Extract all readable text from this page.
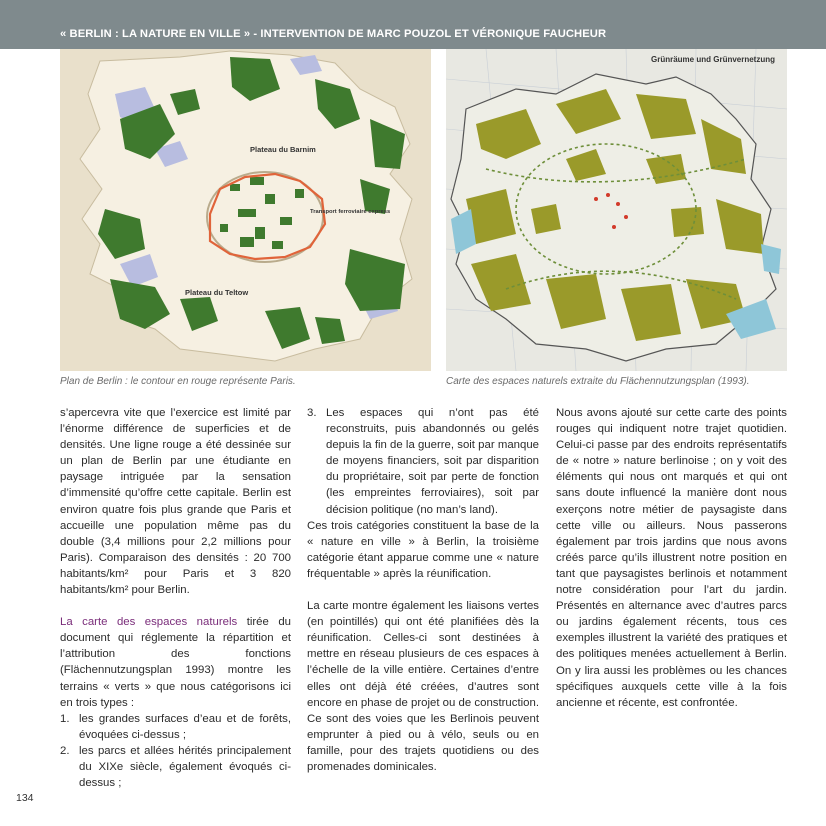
« BERLIN : LA NATURE EN VILLE » - INTERVENTION DE MARC POUZOL ET VÉRONIQUE FAUCHEUR
Plateau du Barnim
Transport ferroviaire express
Plateau du Teltow
Plan de Berlin : le contour en rouge représente Paris.
Grünräume und Grünvernetzung
Carte des espaces naturels extraite du Flächennutzungsplan (1993).

s’apercevra vite que l’exercice est limité par l’énorme différence de superficies et de densités. Une ligne rouge a été dessinée sur un plan de Berlin par une étudiante en paysage intriguée par la sensation d’immensité qu’offre cette capitale. Berlin est environ quatre fois plus grande que Paris et accueille une population même pas du double (3,4 millions pour 2,2 millions pour Paris). Comparaison des densités : 20 700 habitants/km² pour Paris et 3 820 habitants/km² pour Berlin.

La carte des espaces naturels tirée du document qui réglemente la répartition et l’attribution des fonctions (Flächennutzungsplan 1993) montre les terrains « verts » que nous catégorisons ici en trois types :

1. les grandes surfaces d’eau et de forêts, évoquées ci-dessus ;
2. les parcs et allées hérités principalement du XIXe siècle, également évoqués ci-dessus ;
3. Les espaces qui n’ont pas été reconstruits, puis abandonnés ou gelés depuis la fin de la guerre, soit par manque de moyens financiers, soit par disparition du propriétaire, soit par perte de fonction (les empreintes ferroviaires), soit par décision politique (no man’s land).

Ces trois catégories constituent la base de la « nature en ville » à Berlin, la troisième catégorie étant apparue comme une « nature fréquentable » après la réunification.

La carte montre également les liaisons vertes (en pointillés) qui ont été planifiées dès la réunification. Celles-ci sont destinées à mettre en réseau plusieurs de ces espaces à l’échelle de la ville entière. Certaines d’entre elles ont déjà été créées, d’autres sont encore en phase de projet ou de construction. Ce sont des voies que les Berlinois peuvent emprunter à pied ou à vélo, seuls ou en famille, pour des trajets quotidiens ou des promenades dominicales.

Nous avons ajouté sur cette carte des points rouges qui indiquent notre trajet quotidien. Celui-ci passe par des endroits représentatifs de « notre » nature berlinoise ; on y voit des éléments qui nous ont marqués et qui ont sans doute influencé la manière dont nous exerçons notre métier de paysagiste dans cette ville ou ailleurs. Nous passerons également par trois jardins que nous avons créés parce qu’ils illustrent notre position en tant que paysagistes berlinois et notamment notre considération pour l’art du jardin. Présentés en alternance avec d’autres parcs ou jardins également récents, tous ces exemples illustrent la variété des pratiques et des politiques menées actuellement à Berlin. On y lira aussi les problèmes ou les chances spécifiques auxquels cette ville à la fois ancienne et récente, est confrontée.

134
